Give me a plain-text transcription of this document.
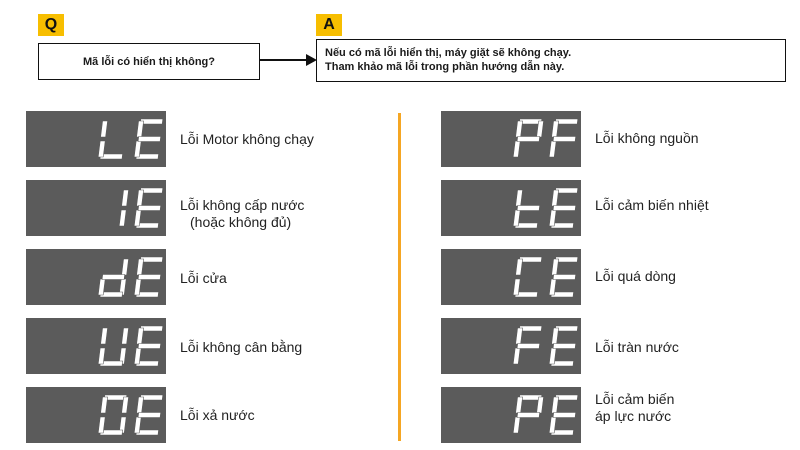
Q
Mã lỗi có hiển thị không?
A
Nếu có mã lỗi hiển thị, máy giặt sẽ không chạy.
Tham khảo mã lỗi trong phần hướng dẫn này.
Lỗi Motor không chạy
Lỗi không cấp nước
(hoặc không đủ)
Lỗi cửa
Lỗi không cân bằng
Lỗi xả nước
Lỗi không nguồn
Lỗi cảm biến nhiệt
Lỗi quá dòng
Lỗi tràn nước
Lỗi cảm biến
áp lực nước
